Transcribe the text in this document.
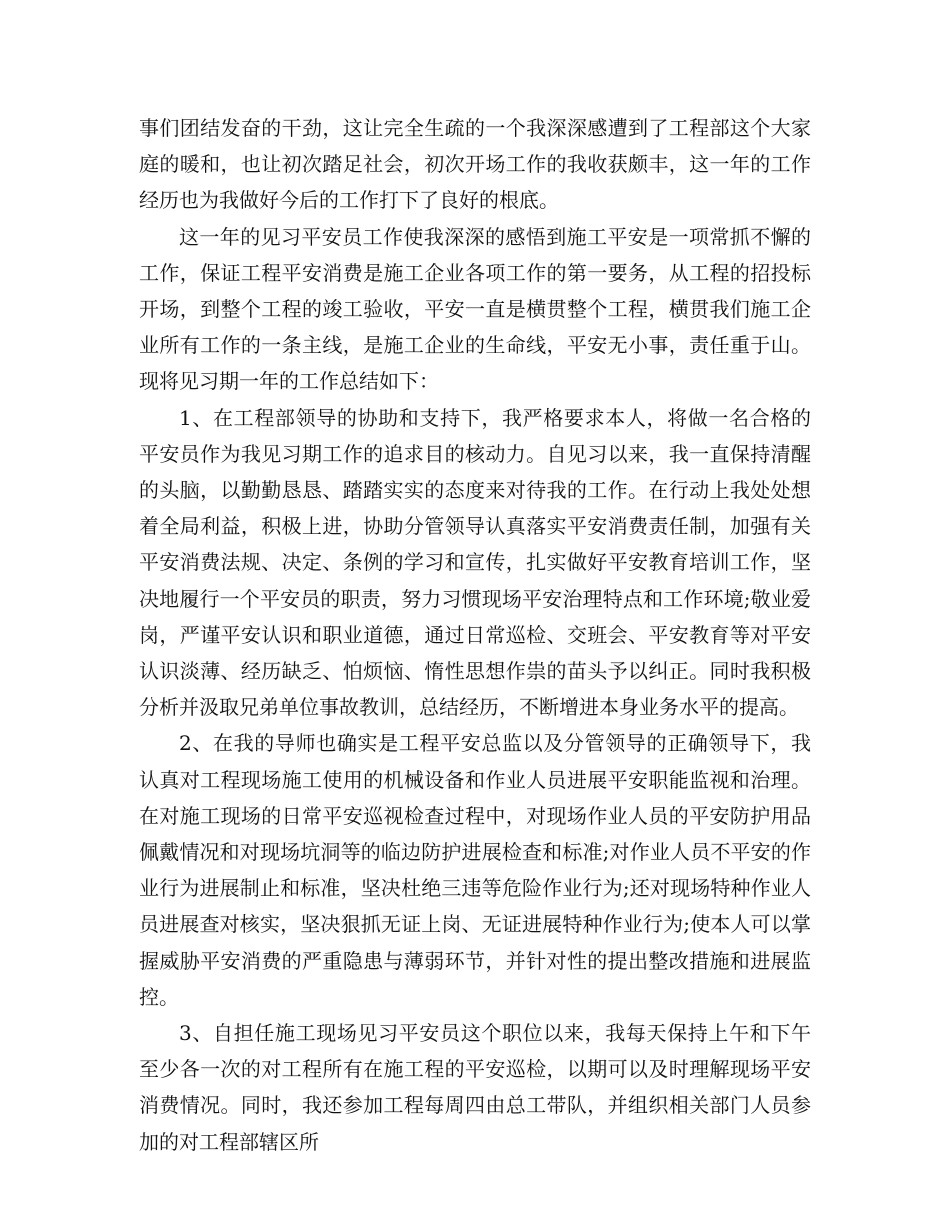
事们团结发奋的干劲，这让完全生疏的一个我深深感遭到了工程部这个大家庭的暖和，也让初次踏足社会，初次开场工作的我收获颇丰，这一年的工作经历也为我做好今后的工作打下了良好的根底。

这一年的见习平安员工作使我深深的感悟到施工平安是一项常抓不懈的工作，保证工程平安消费是施工企业各项工作的第一要务，从工程的招投标开场，到整个工程的竣工验收，平安一直是横贯整个工程，横贯我们施工企业所有工作的一条主线，是施工企业的生命线，平安无小事，责任重于山。现将见习期一年的工作总结如下：

1、在工程部领导的协助和支持下，我严格要求本人，将做一名合格的平安员作为我见习期工作的追求目的核动力。自见习以来，我一直保持清醒的头脑，以勤勤恳恳、踏踏实实的态度来对待我的工作。在行动上我处处想着全局利益，积极上进，协助分管领导认真落实平安消费责任制，加强有关平安消费法规、决定、条例的学习和宣传，扎实做好平安教育培训工作，坚决地履行一个平安员的职责，努力习惯现场平安治理特点和工作环境;敬业爱岗，严谨平安认识和职业道德，通过日常巡检、交班会、平安教育等对平安认识淡薄、经历缺乏、怕烦恼、惰性思想作祟的苗头予以纠正。同时我积极分析并汲取兄弟单位事故教训，总结经历，不断增进本身业务水平的提高。

2、在我的导师也确实是工程平安总监以及分管领导的正确领导下，我认真对工程现场施工使用的机械设备和作业人员进展平安职能监视和治理。在对施工现场的日常平安巡视检查过程中，对现场作业人员的平安防护用品佩戴情况和对现场坑洞等的临边防护进展检查和标准;对作业人员不平安的作业行为进展制止和标准，坚决杜绝三违等危险作业行为;还对现场特种作业人员进展查对核实，坚决狠抓无证上岗、无证进展特种作业行为;使本人可以掌握威胁平安消费的严重隐患与薄弱环节，并针对性的提出整改措施和进展监控。

3、自担任施工现场见习平安员这个职位以来，我每天保持上午和下午至少各一次的对工程所有在施工程的平安巡检，以期可以及时理解现场平安消费情况。同时，我还参加工程每周四由总工带队，并组织相关部门人员参加的对工程部辖区所
